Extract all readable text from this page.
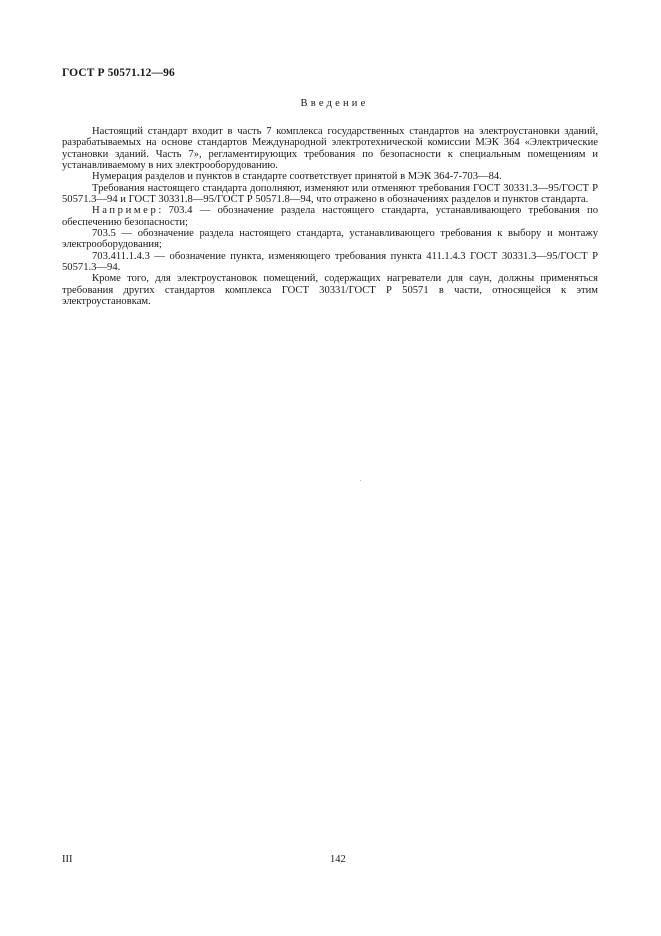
ГОСТ Р 50571.12—96
Введение

Настоящий стандарт входит в часть 7 комплекса государственных стандартов на электроустановки зданий, разрабатываемых на основе стандартов Международной электротехнической комиссии МЭК 364 «Электрические установки зданий. Часть 7», регламентирующих требования по безопасности к специальным помещениям и устанавливаемому в них электрооборудованию.

Нумерация разделов и пунктов в стандарте соответствует принятой в МЭК 364-7-703—84.

Требования настоящего стандарта дополняют, изменяют или отменяют требования ГОСТ 30331.3—95/ГОСТ Р 50571.3—94 и ГОСТ 30331.8—95/ГОСТ Р 50571.8—94, что отражено в обозначениях разделов и пунктов стандарта.

Например: 703.4 — обозначение раздела настоящего стандарта, устанавливающего требования по обеспечению безопасности;

703.5 — обозначение раздела настоящего стандарта, устанавливающего требования к выбору и монтажу электрооборудования;

703.411.1.4.3 — обозначение пункта, изменяющего требования пункта 411.1.4.3 ГОСТ 30331.3—95/ГОСТ Р 50571.3—94.

Кроме того, для электроустановок помещений, содержащих нагреватели для саун, должны применяться требования других стандартов комплекса ГОСТ 30331/ГОСТ Р 50571 в части, относящейся к этим электроустановкам.

III	142
